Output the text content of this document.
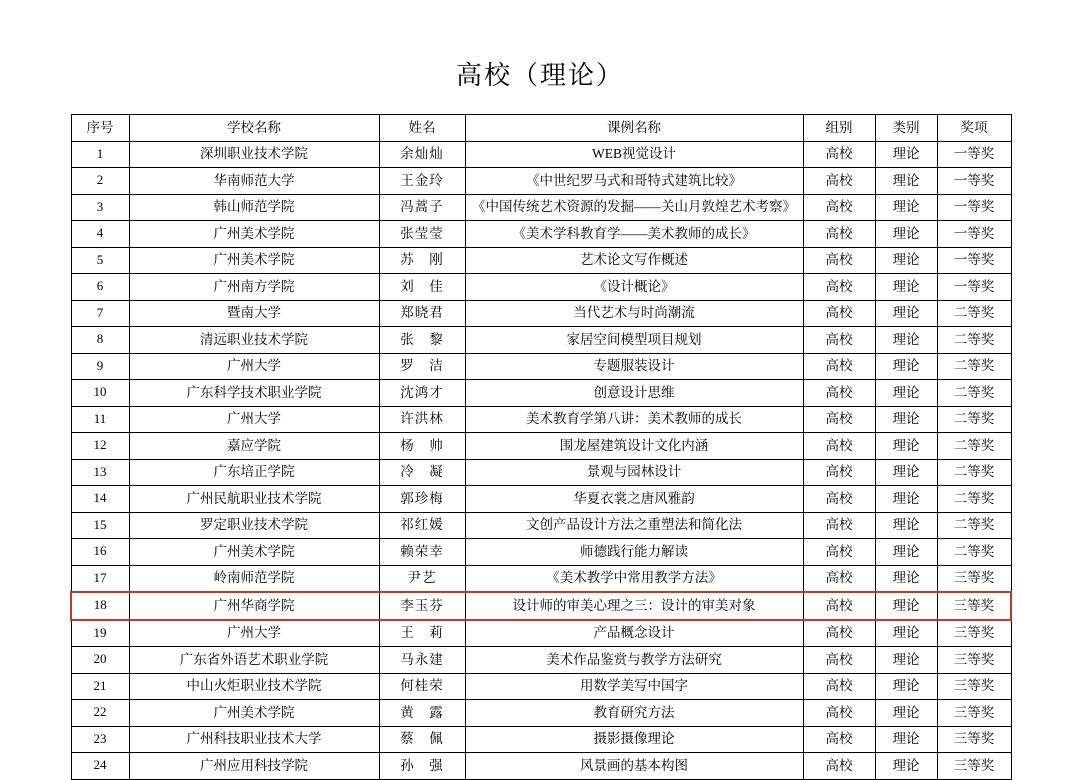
高校（理论）
序号	学校名称	姓名	课例名称	组别	类别	奖项
1	深圳职业技术学院	余灿灿	WEB视觉设计	高校	理论	一等奖
2	华南师范大学	王金玲	《中世纪罗马式和哥特式建筑比较》	高校	理论	一等奖
3	韩山师范学院	冯蒿子	《中国传统艺术资源的发掘——关山月敦煌艺术考察》	高校	理论	一等奖
4	广州美术学院	张莹莹	《美术学科教育学——美术教师的成长》	高校	理论	一等奖
5	广州美术学院	苏　刚	艺术论文写作概述	高校	理论	一等奖
6	广州南方学院	刘　佳	《设计概论》	高校	理论	一等奖
7	暨南大学	郑晓君	当代艺术与时尚潮流	高校	理论	二等奖
8	清远职业技术学院	张　黎	家居空间模型项目规划	高校	理论	二等奖
9	广州大学	罗　洁	专题服装设计	高校	理论	二等奖
10	广东科学技术职业学院	沈鸿才	创意设计思维	高校	理论	二等奖
11	广州大学	许洪林	美术教育学第八讲：美术教师的成长	高校	理论	二等奖
12	嘉应学院	杨　帅	围龙屋建筑设计文化内涵	高校	理论	二等奖
13	广东培正学院	冷　凝	景观与园林设计	高校	理论	二等奖
14	广州民航职业技术学院	郭珍梅	华夏衣裳之唐风雅韵	高校	理论	二等奖
15	罗定职业技术学院	祁红媛	文创产品设计方法之重塑法和简化法	高校	理论	二等奖
16	广州美术学院	赖荣幸	师德践行能力解读	高校	理论	二等奖
17	岭南师范学院	尹艺	《美术教学中常用教学方法》	高校	理论	三等奖
18	广州华商学院	李玉芬	设计师的审美心理之三：设计的审美对象	高校	理论	三等奖
19	广州大学	王　莉	产品概念设计	高校	理论	三等奖
20	广东省外语艺术职业学院	马永建	美术作品鉴赏与教学方法研究	高校	理论	三等奖
21	中山火炬职业技术学院	何桂荣	用数学美写中国字	高校	理论	三等奖
22	广州美术学院	黄　露	教育研究方法	高校	理论	三等奖
23	广州科技职业技术大学	蔡　佩	摄影摄像理论	高校	理论	三等奖
24	广州应用科技学院	孙　强	风景画的基本构图	高校	理论	三等奖
